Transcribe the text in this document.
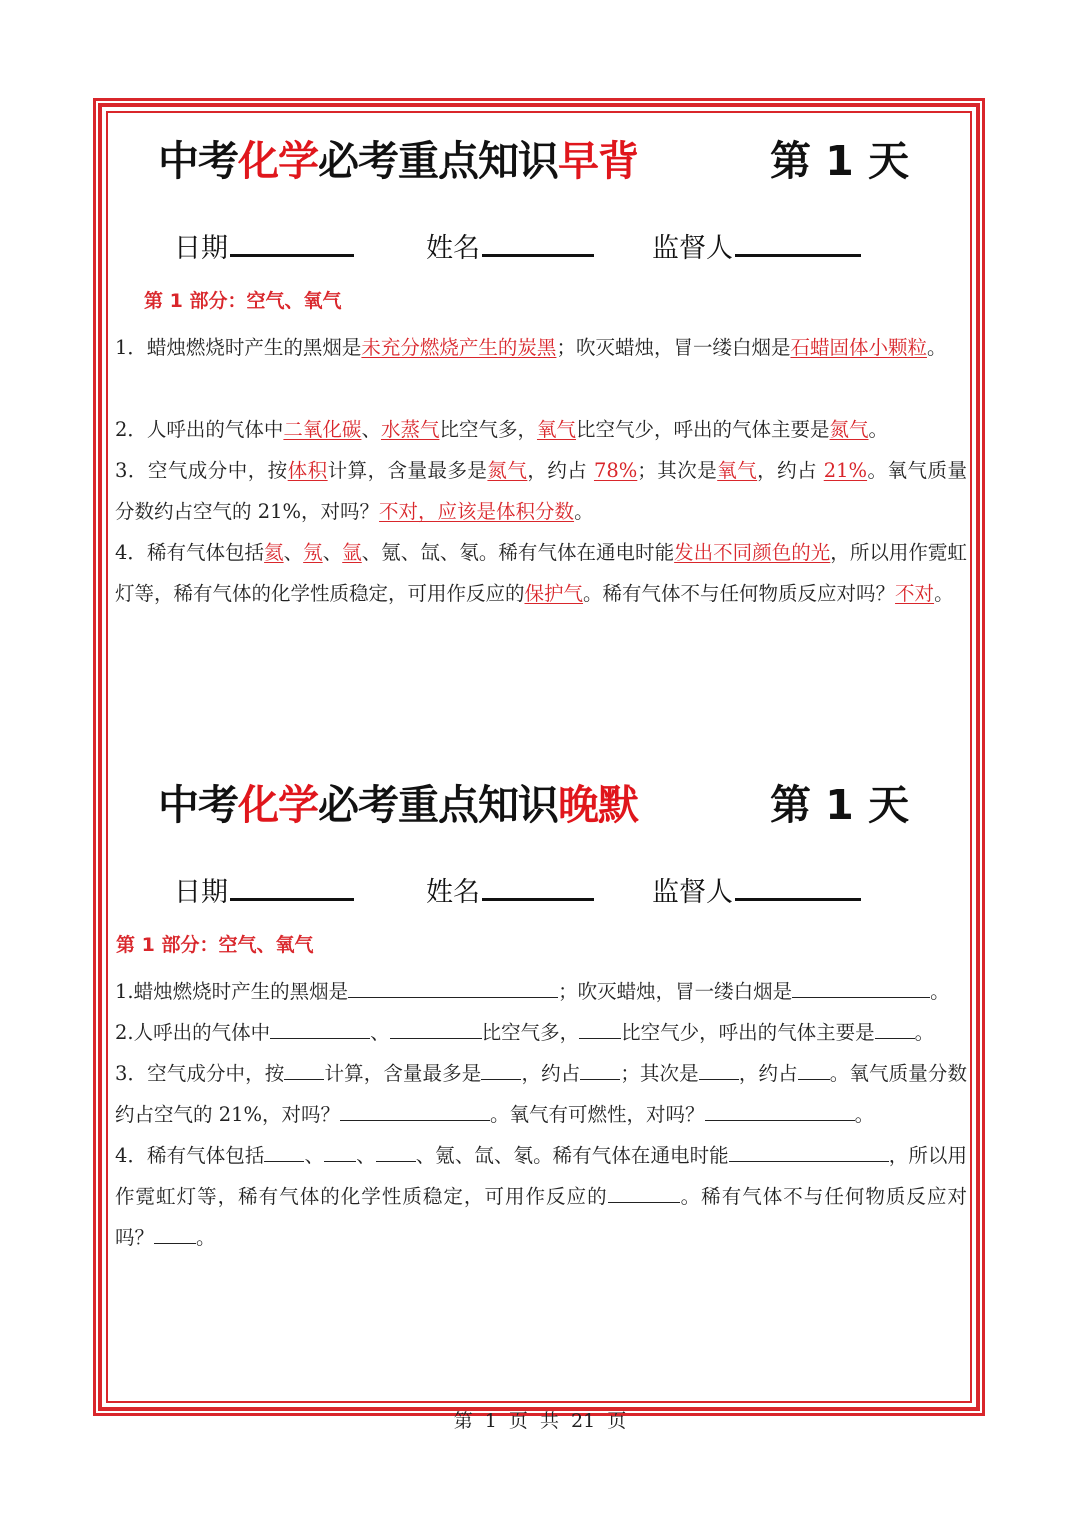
中考化学必考重点知识早背	第 1 天
日期	姓名	监督人
第 1 部分：空气、氧气
1．蜡烛燃烧时产生的黑烟是未充分燃烧产生的炭黑；吹灭蜡烛，冒一缕白烟是石蜡固体小颗粒。
2．人呼出的气体中二氧化碳、水蒸气比空气多，氧气比空气少，呼出的气体主要是氮气。
3．空气成分中，按体积计算，含量最多是氮气，约占 78%；其次是氧气，约占 21%。氧气质量分数约占空气的 21%，对吗？不对，应该是体积分数。
4．稀有气体包括氦、氖、氩、氪、氙、氡。稀有气体在通电时能发出不同颜色的光，所以用作霓虹灯等，稀有气体的化学性质稳定，可用作反应的保护气。稀有气体不与任何物质反应对吗？不对。
中考化学必考重点知识晚默	第 1 天
日期	姓名	监督人
第 1 部分：空气、氧气
1.蜡烛燃烧时产生的黑烟是	；吹灭蜡烛，冒一缕白烟是	。
2.人呼出的气体中	、	比空气多， 比空气少，呼出的气体主要是 。
3．空气成分中，按 计算，含量最多是 ，约占 ；其次是 ，约占 。氧气质量分数约占空气的 21%，对吗？	。氧气有可燃性，对吗？	。
4．稀有气体包括 、 、 、氪、氙、氡。稀有气体在通电时能	，所以用作霓虹灯等，稀有气体的化学性质稳定，可用作反应的	。稀有气体不与任何物质反应对吗？ 。
第 1 页 共 21 页
